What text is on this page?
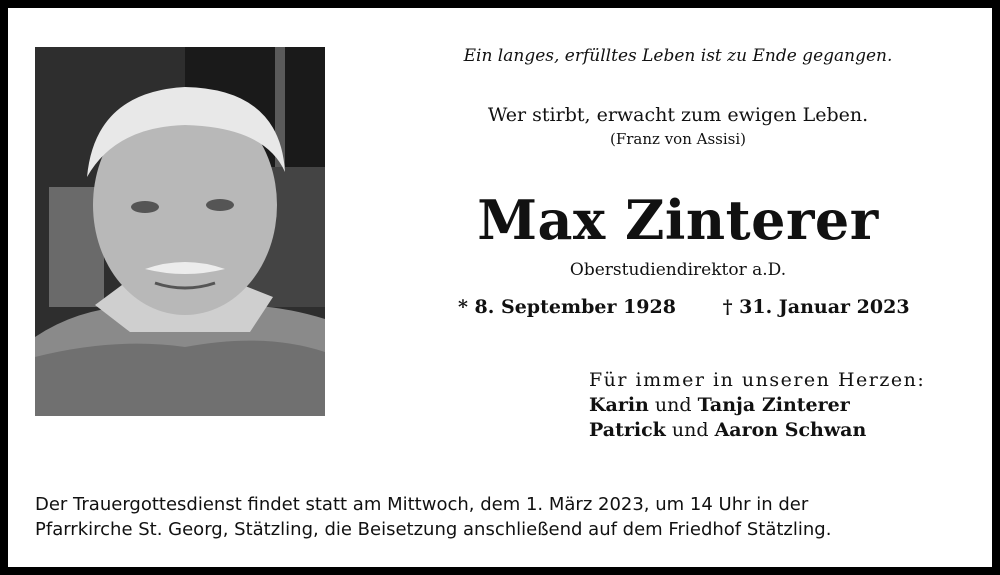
Ein langes, erfülltes Leben ist zu Ende gegangen.
Wer stirbt, erwacht zum ewigen Leben.
(Franz von Assisi)
Max Zinterer
Oberstudiendirektor a.D.
* 8. September 1928 † 31. Januar 2023
Für immer in unseren Herzen:
Karin und Tanja Zinterer
Patrick und Aaron Schwan
Der Trauergottesdienst findet statt am Mittwoch, dem 1. März 2023, um 14 Uhr in der
Pfarrkirche St. Georg, Stätzling, die Beisetzung anschließend auf dem Friedhof Stätzling.
